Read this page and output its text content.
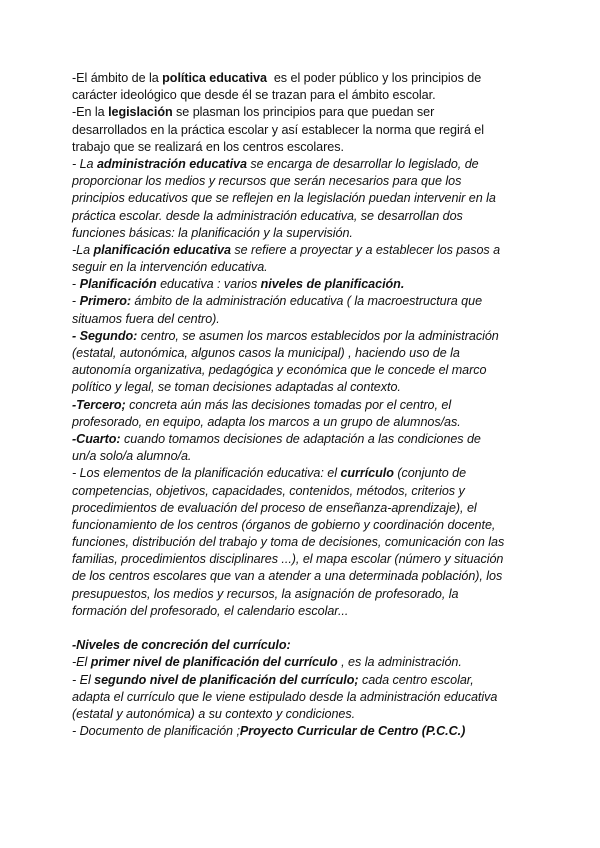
-El ámbito de la política educativa  es el poder público y los principios de
carácter ideológico que desde él se trazan para el ámbito escolar.
-En la legislación se plasman los principios para que puedan ser
desarrollados en la práctica escolar y así establecer la norma que regirá el
trabajo que se realizará en los centros escolares.
- La administración educativa se encarga de desarrollar lo legislado, de
proporcionar los medios y recursos que serán necesarios para que los
principios educativos que se reflejen en la legislación puedan intervenir en la
práctica escolar. desde la administración educativa, se desarrollan dos
funciones básicas: la planificación y la supervisión.
-La planificación educativa se refiere a proyectar y a establecer los pasos a
seguir en la intervención educativa.
- Planificación educativa : varios niveles de planificación.
- Primero: ámbito de la administración educativa ( la macroestructura que
situamos fuera del centro).
- Segundo: centro, se asumen los marcos establecidos por la administración
(estatal, autonómica, algunos casos la municipal) , haciendo uso de la
autonomía organizativa, pedagógica y económica que le concede el marco
político y legal, se toman decisiones adaptadas al contexto.
-Tercero; concreta aún más las decisiones tomadas por el centro, el
profesorado, en equipo, adapta los marcos a un grupo de alumnos/as.
-Cuarto: cuando tomamos decisiones de adaptación a las condiciones de
un/a solo/a alumno/a.
- Los elementos de la planificación educativa: el currículo (conjunto de
competencias, objetivos, capacidades, contenidos, métodos, criterios y
procedimientos de evaluación del proceso de enseñanza-aprendizaje), el
funcionamiento de los centros (órganos de gobierno y coordinación docente,
funciones, distribución del trabajo y toma de decisiones, comunicación con las
familias, procedimientos disciplinares ...), el mapa escolar (número y situación
de los centros escolares que van a atender a una determinada población), los
presupuestos, los medios y recursos, la asignación de profesorado, la
formación del profesorado, el calendario escolar...
-Niveles de concreción del currículo:
-El primer nivel de planificación del currículo , es la administración.
- El segundo nivel de planificación del currículo; cada centro escolar,
adapta el currículo que le viene estipulado desde la administración educativa
(estatal y autonómica) a su contexto y condiciones.
- Documento de planificación ;Proyecto Curricular de Centro (P.C.C.)
